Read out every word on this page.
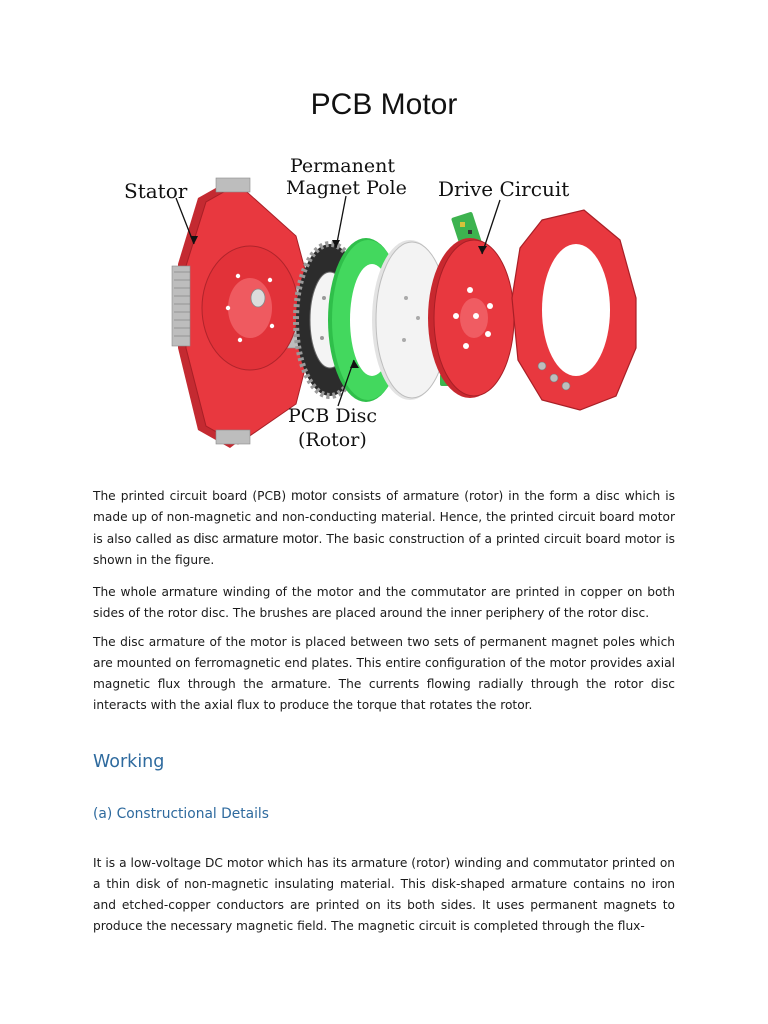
PCB Motor
Stator
Permanent
Magnet Pole Drive Circuit
PCB Disc
(Rotor)

The printed circuit board (PCB) motor consists of armature (rotor) in the form a disc which is made up of non-magnetic and non-conducting material. Hence, the printed circuit board motor is also called as disc armature motor. The basic construction of a printed circuit board motor is shown in the figure.

The whole armature winding of the motor and the commutator are printed in copper on both sides of the rotor disc. The brushes are placed around the inner periphery of the rotor disc.

The disc armature of the motor is placed between two sets of permanent magnet poles which are mounted on ferromagnetic end plates. This entire configuration of the motor provides axial magnetic flux through the armature. The currents flowing radially through the rotor disc interacts with the axial flux to produce the torque that rotates the rotor.

Working
(a) Constructional Details

It is a low-voltage DC motor which has its armature (rotor) winding and commutator printed on a thin disk of non-magnetic insulating material. This disk-shaped armature contains no iron and etched-copper conductors are printed on its both sides. It uses permanent magnets to produce the necessary magnetic field. The magnetic circuit is completed through the flux-
